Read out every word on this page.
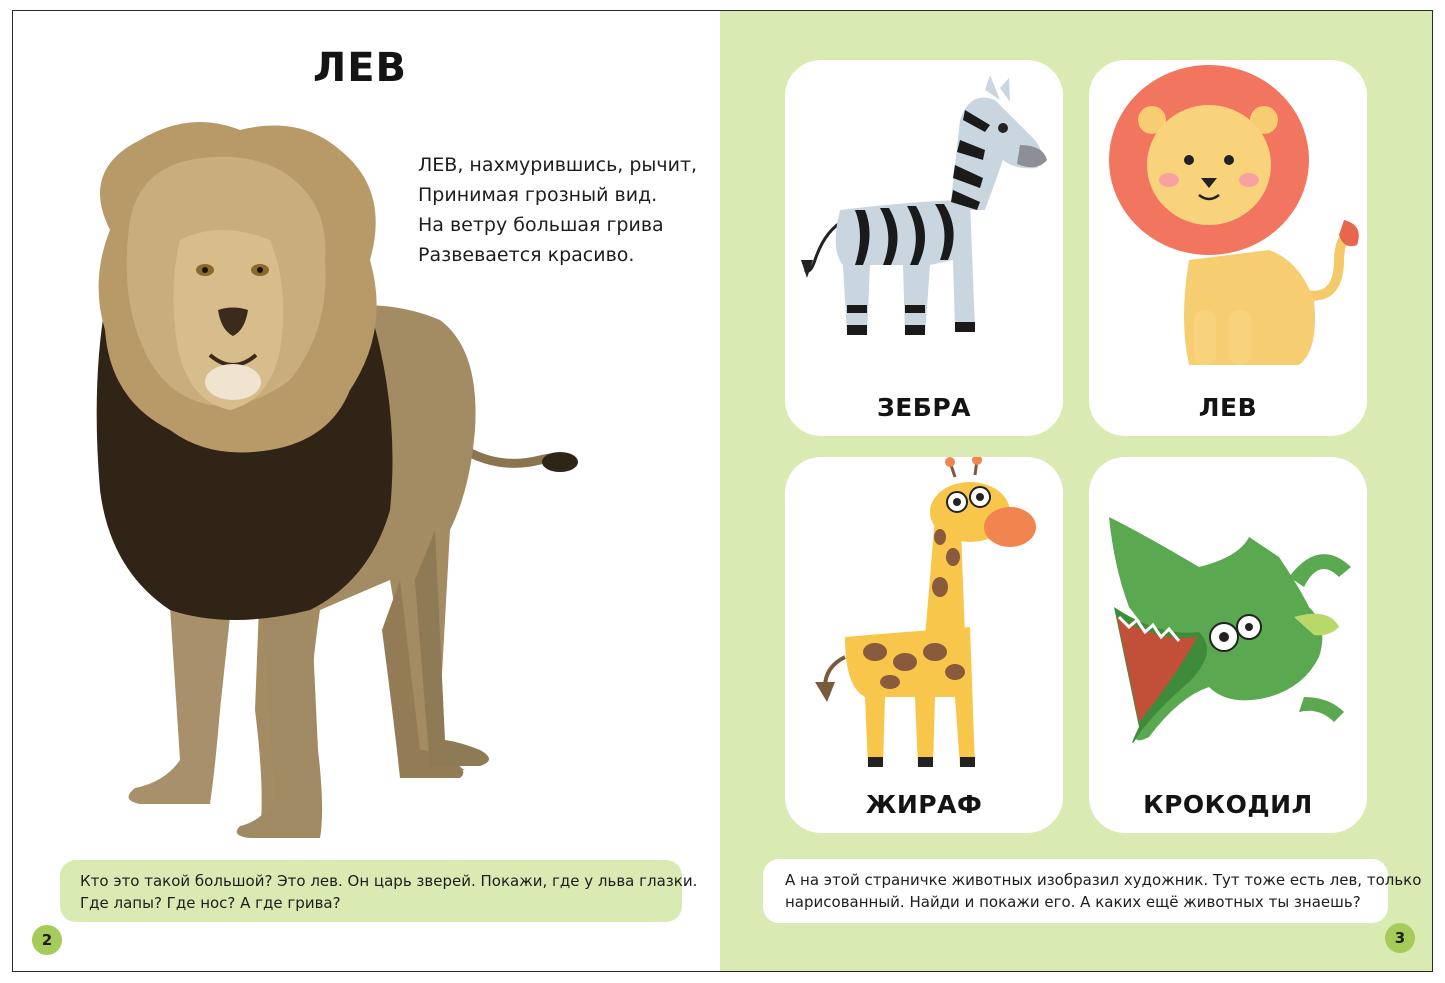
ЛЕВ
ЛЕВ, нахмурившись, рычит,
Принимая грозный вид.
На ветру большая грива
Развевается красиво.
Кто это такой большой? Это лев. Он царь зверей. Покажи, где у льва глазки.
Где лапы? Где нос? А где грива?
2
ЗЕБРА	ЛЕВ
ЖИРАФ	КРОКОДИЛ
А на этой страничке животных изобразил художник. Тут тоже есть лев, только
нарисованный. Найди и покажи его. А каких ещё животных ты знаешь?
3
